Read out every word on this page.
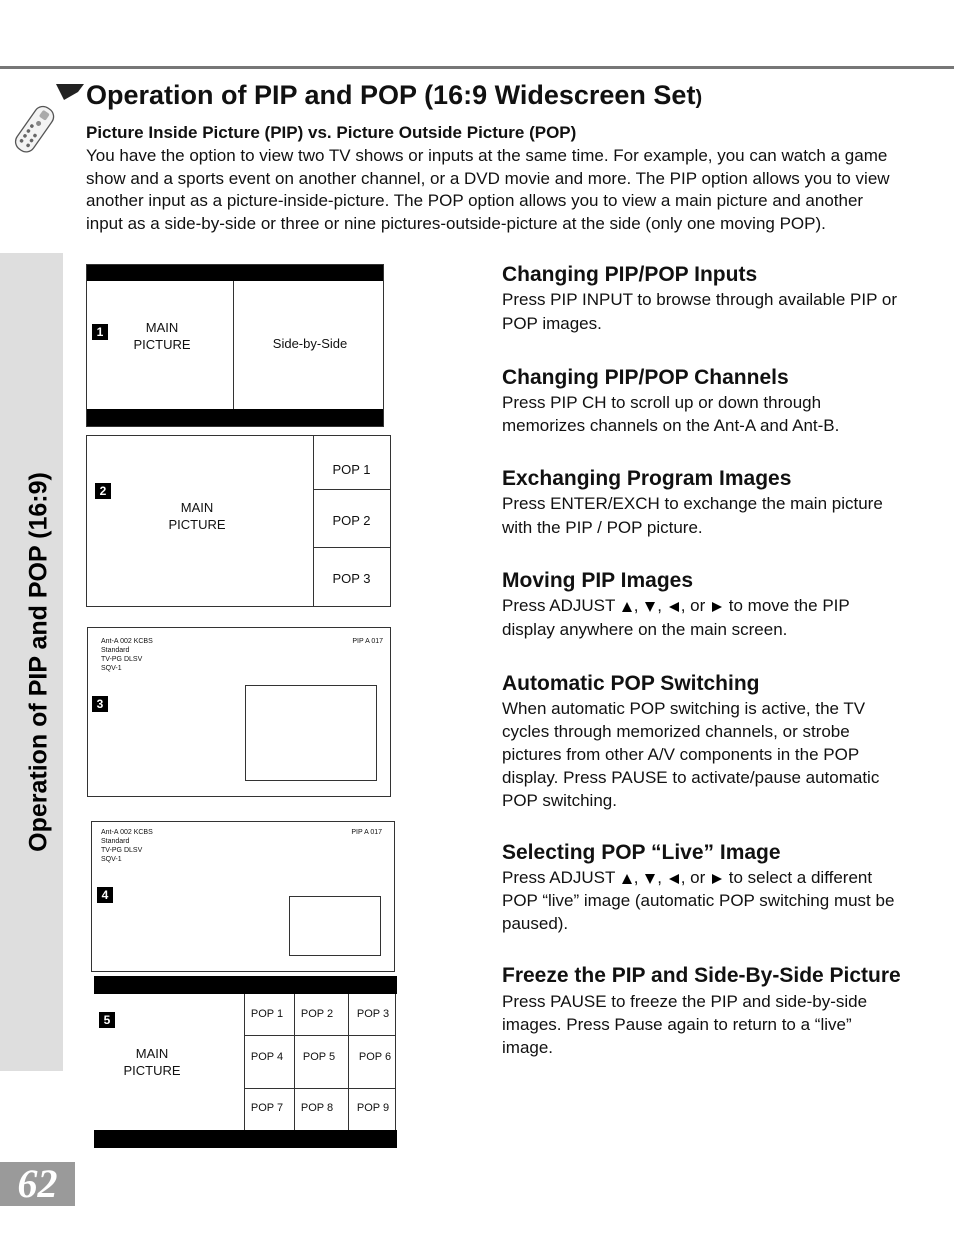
Operation of PIP and POP (16:9)
Operation of PIP and POP (16:9 Widescreen Set)
Picture Inside Picture (PIP) vs. Picture Outside Picture (POP)
You have the option to view two TV shows or inputs at the same time. For example, you can watch a game show and a sports event on another channel, or a DVD movie and more. The PIP option allows you to view another input as a picture-inside-picture. The POP option allows you to view a main picture and another input as a side-by-side or three or nine pictures-outside-picture at the side (only one moving POP).
1	MAIN
PICTURE	Side-by-Side
2
MAIN
PICTURE
POP 1
POP 2
POP 3
Ant-A 002 KCBS
Standard
TV-PG DLSV
SQV-1
PIP A 017
3
Ant-A 002 KCBS
Standard
TV-PG DLSV
SQV-1
PIP A 017
4
5
MAIN
PICTURE
POP 1	POP 2	POP 3
POP 4	POP 5	POP 6
POP 7	POP 8	POP 9
Changing PIP/POP Inputs

Press PIP INPUT to browse through available PIP or POP images.

Changing PIP/POP Channels

Press PIP CH to scroll up or down through memorizes channels on the Ant-A and Ant-B.

Exchanging Program Images

Press ENTER/EXCH to exchange the main picture with the PIP / POP picture.

Moving PIP Images

Press ADJUST , , , or to move the PIP display anywhere on the main screen.

Automatic POP Switching

When automatic POP switching is active, the TV cycles through memorized channels, or strobe pictures from other A/V components in the POP display. Press PAUSE to activate/pause automatic POP switching.

Selecting POP “Live” Image

Press ADJUST , , , or to select a different POP “live” image (automatic POP switching must be paused).

Freeze the PIP and Side-By-Side Picture

Press PAUSE to freeze the PIP and side-by-side images. Press Pause again to return to a “live” image.

62
